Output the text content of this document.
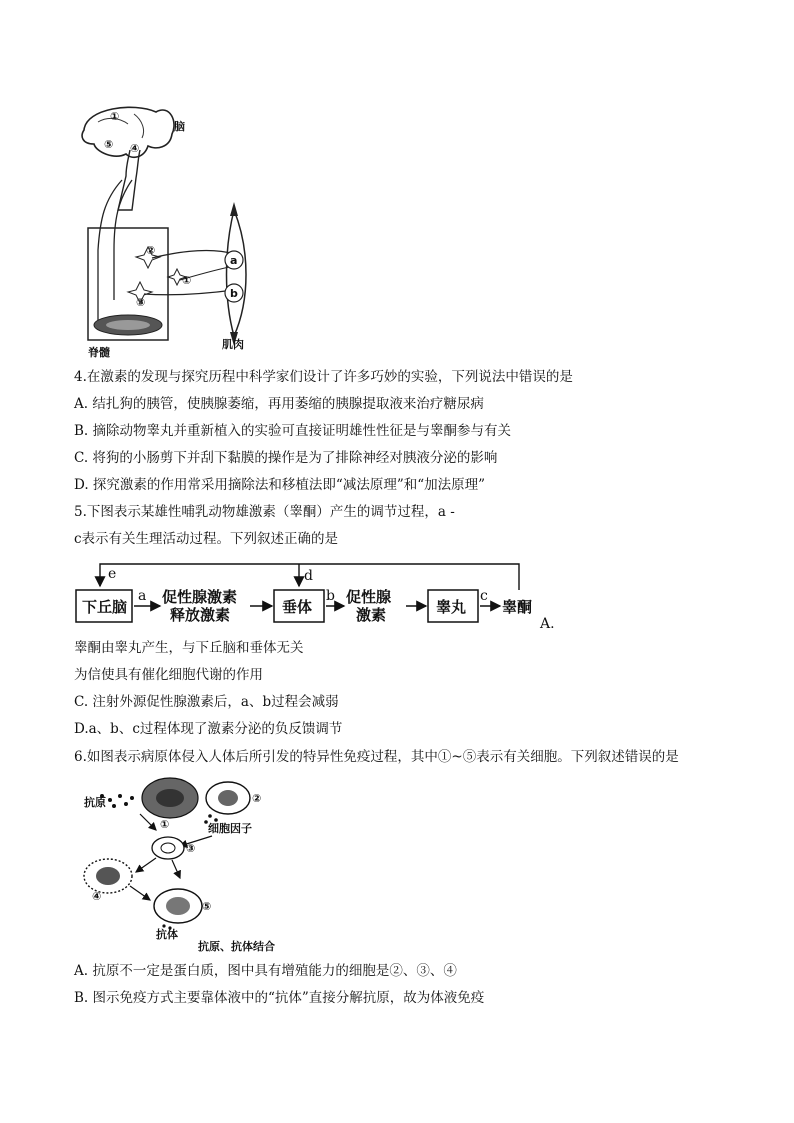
a
b
①
②
③
④
⑤
①
脑
脊髓
肌肉
4.在激素的发现与探究历程中科学家们设计了许多巧妙的实验，下列说法中错误的是
A. 结扎狗的胰管，使胰腺萎缩，再用萎缩的胰腺提取液来治疗糖尿病
B. 摘除动物睾丸并重新植入的实验可直接证明雄性性征是与睾酮参与有关
C. 将狗的小肠剪下并刮下黏膜的操作是为了排除神经对胰液分泌的影响
D. 探究激素的作用常采用摘除法和移植法即“减法原理”和“加法原理”
5.下图表示某雄性哺乳动物雄激素（睾酮）产生的调节过程，a -
c表示有关生理活动过程。下列叙述正确的是
e	d
下丘脑
a 促性腺激素
释放激素	垂体
b 促性腺
激素	睾丸
c
睾酮
A.
睾酮由睾丸产生，与下丘脑和垂体无关
为信使具有催化细胞代谢的作用
C. 注射外源促性腺激素后，a、b过程会减弱
D.a、b、c过程体现了激素分泌的负反馈调节
6.如图表示病原体侵入人体后所引发的特异性免疫过程，其中①~⑤表示有关细胞。下列叙述错误的是
抗原	②
细胞因子
①
③
④
⑤
抗体
抗原、抗体结合
A. 抗原不一定是蛋白质，图中具有增殖能力的细胞是②、③、④
B. 图示免疫方式主要靠体液中的“抗体”直接分解抗原，故为体液免疫
